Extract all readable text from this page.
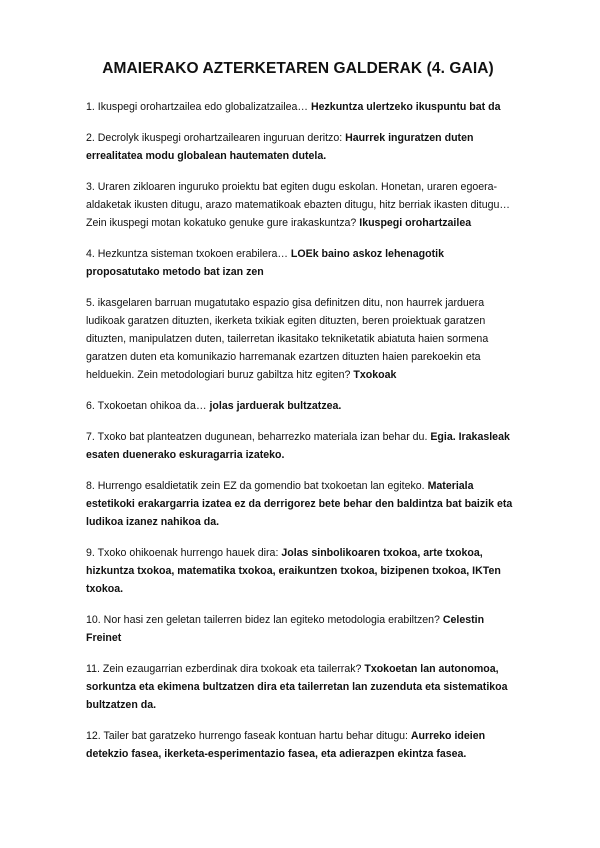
AMAIERAKO AZTERKETAREN GALDERAK (4. GAIA)
1. Ikuspegi orohartzailea edo globalizatzailea… Hezkuntza ulertzeko ikuspuntu bat da
2. Decrolyk ikuspegi orohartzailearen inguruan deritzo: Haurrek inguratzen duten errealitatea modu globalean hautematen dutela.
3. Uraren zikloaren inguruko proiektu bat egiten dugu eskolan. Honetan, uraren egoera-aldaketak ikusten ditugu, arazo matematikoak ebazten ditugu, hitz berriak ikasten ditugu… Zein ikuspegi motan kokatuko genuke gure irakaskuntza? Ikuspegi orohartzailea
4. Hezkuntza sisteman txokoen erabilera… LOEk baino askoz lehenagotik proposatutako metodo bat izan zen
5. ikasgelaren barruan mugatutako espazio gisa definitzen ditu, non haurrek jarduera ludikoak garatzen dituzten, ikerketa txikiak egiten dituzten, beren proiektuak garatzen dituzten, manipulatzen duten, tailerretan ikasitako tekniketatik abiatuta haien sormena garatzen duten eta komunikazio harremanak ezartzen dituzten haien parekoekin eta helduekin. Zein metodologiari buruz gabiltza hitz egiten? Txokoak
6. Txokoetan ohikoa da… jolas jarduerak bultzatzea.
7. Txoko bat planteatzen dugunean, beharrezko materiala izan behar du. Egia. Irakasleak esaten duenerako eskuragarria izateko.
8. Hurrengo esaldietatik zein EZ da gomendio bat txokoetan lan egiteko. Materiala estetikoki erakargarria izatea ez da derrigorez bete behar den baldintza bat baizik eta ludikoa izanez nahikoa da.
9. Txoko ohikoenak hurrengo hauek dira: Jolas sinbolikoaren txokoa, arte txokoa, hizkuntza txokoa, matematika txokoa, eraikuntzen txokoa, bizipenen txokoa, IKTen txokoa.
10. Nor hasi zen geletan tailerren bidez lan egiteko metodologia erabiltzen? Celestin Freinet
11. Zein ezaugarrian ezberdinak dira txokoak eta tailerrak? Txokoetan lan autonomoa, sorkuntza eta ekimena bultzatzen dira eta tailerretan lan zuzenduta eta sistematikoa bultzatzen da.
12. Tailer bat garatzeko hurrengo faseak kontuan hartu behar ditugu: Aurreko ideien detekzio fasea, ikerketa-esperimentazio fasea, eta adierazpen ekintza fasea.
